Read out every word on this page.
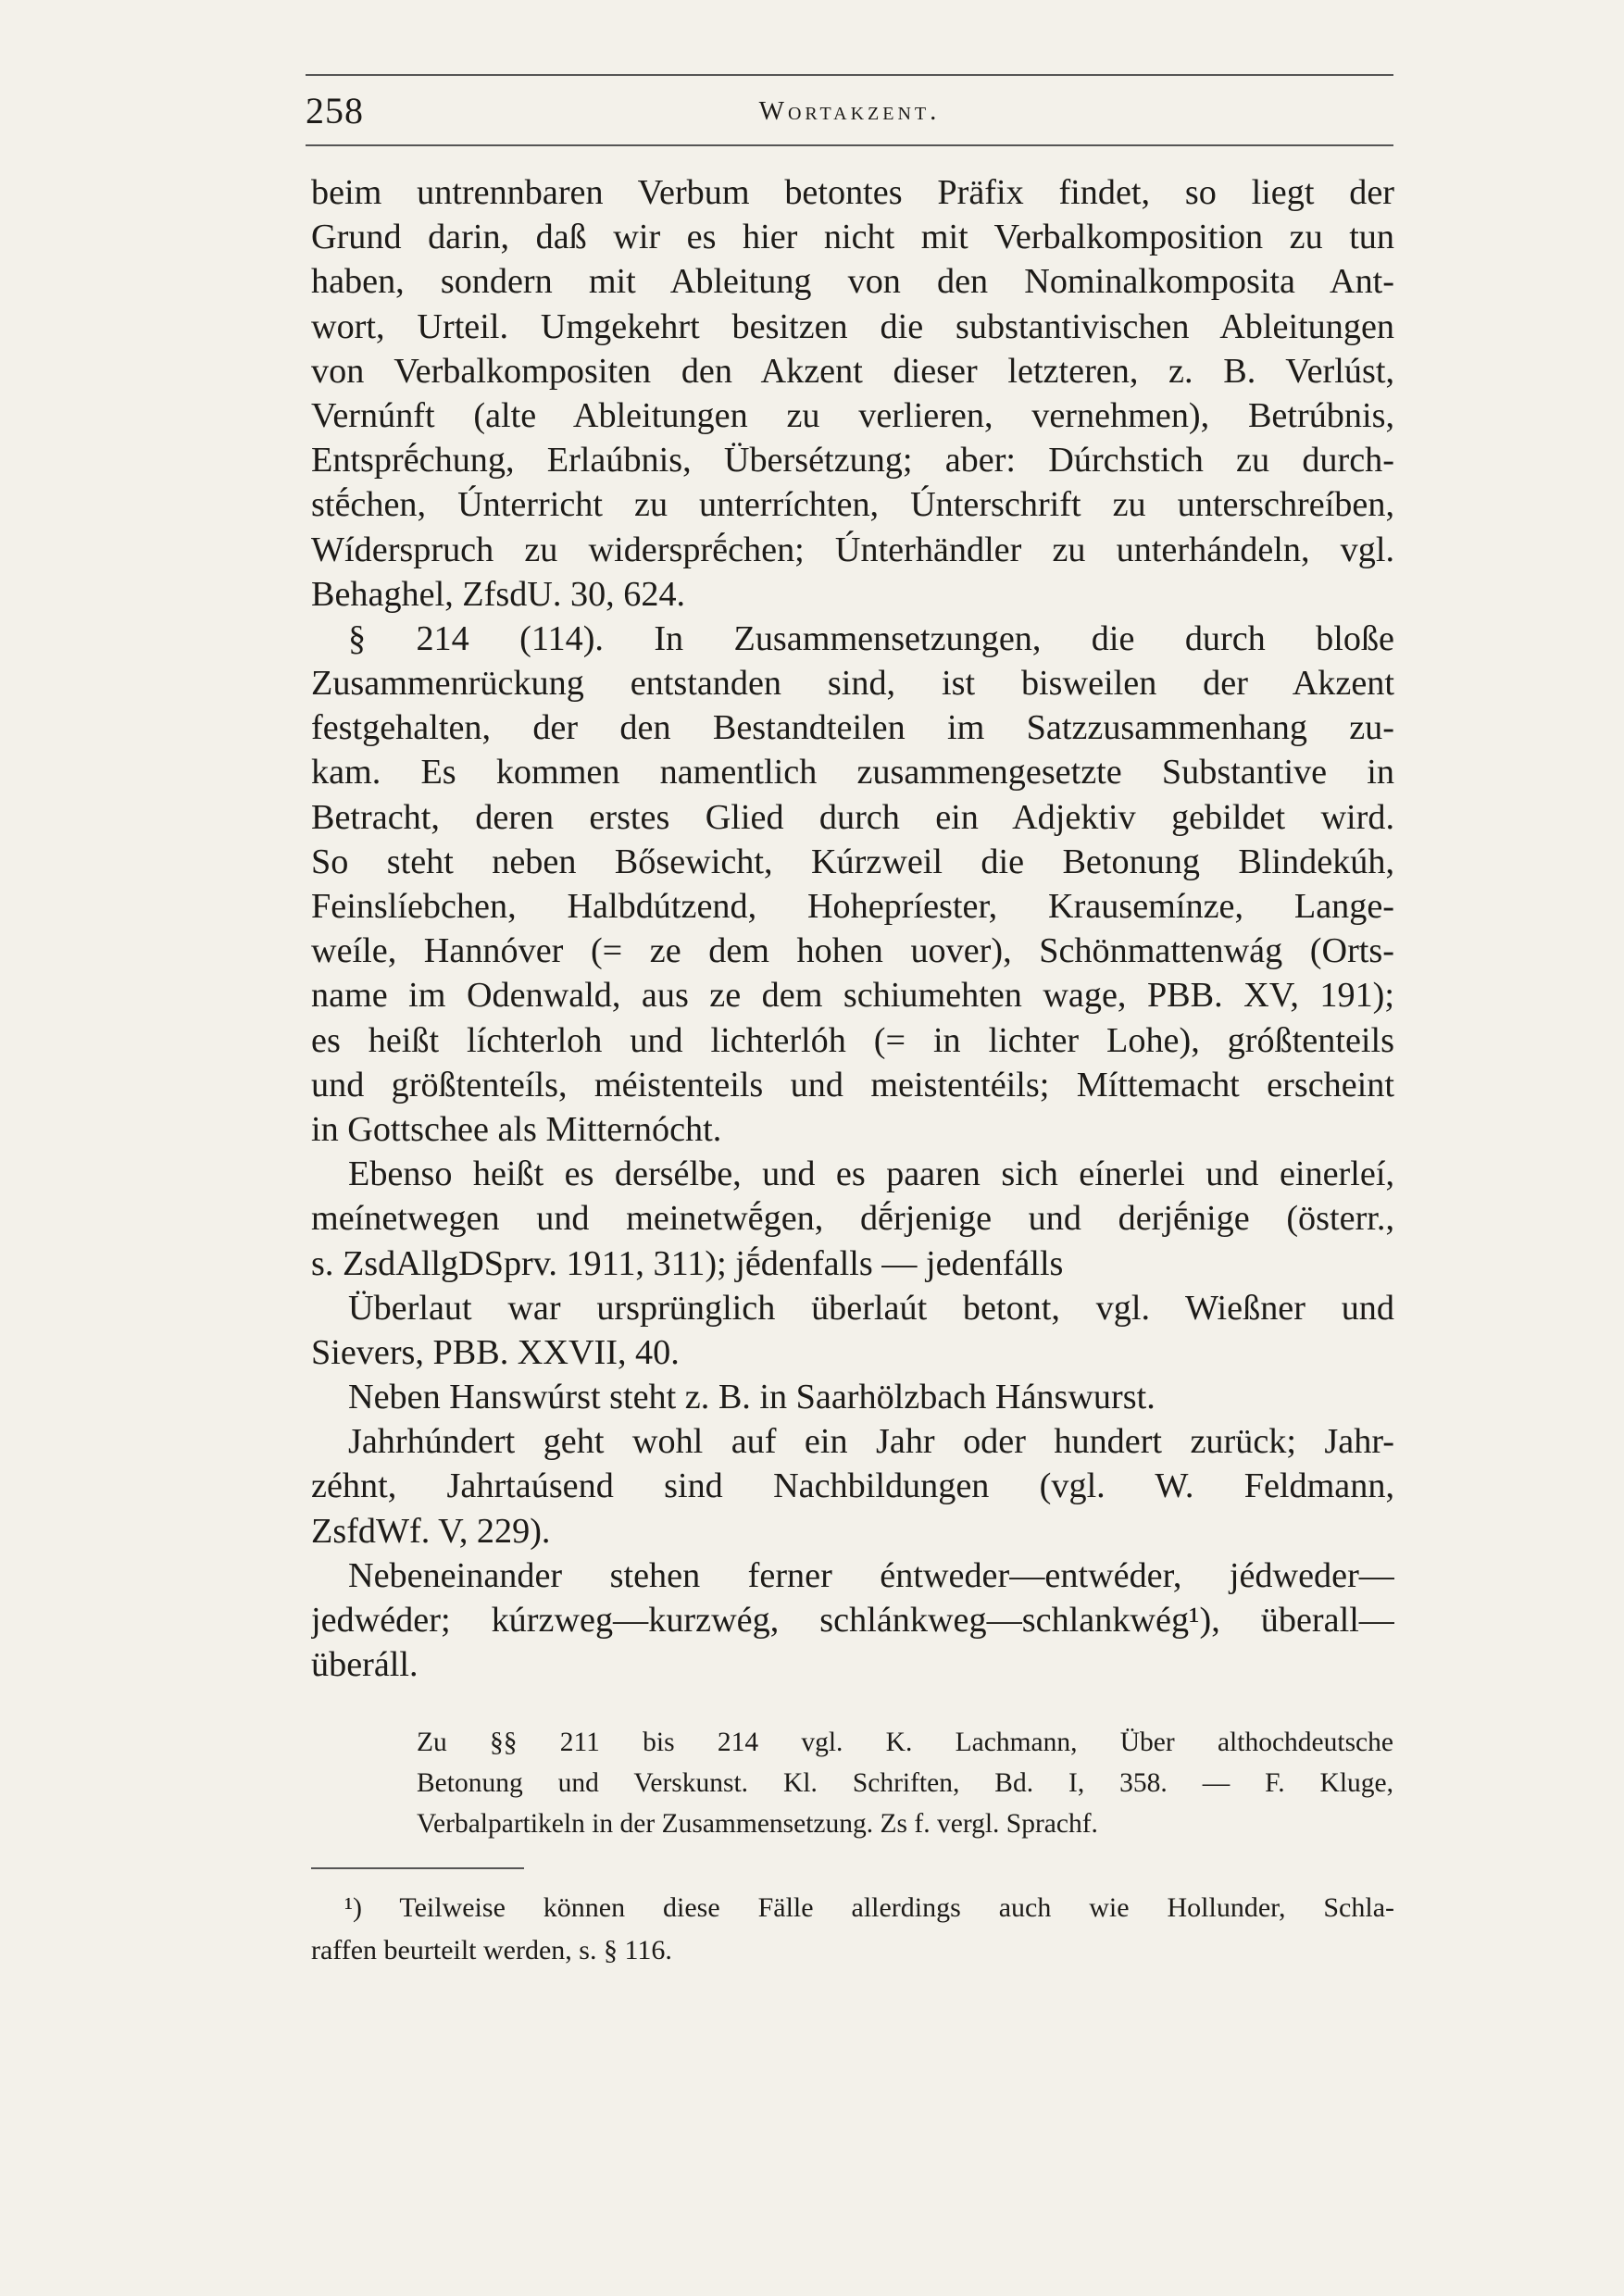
258	Wortakzent.
beim untrennbaren Verbum betontes Präfix findet, so liegt der
Grund darin, daß wir es hier nicht mit Verbalkomposition zu tun
haben, sondern mit Ableitung von den Nominalkomposita Ant-
wort, Urteil. Umgekehrt besitzen die substantivischen Ableitungen
von Verbalkompositen den Akzent dieser letzteren, z. B. Verlúst,
Vernúnft (alte Ableitungen zu verlieren, vernehmen), Betrúbnis,
Entsprḗchung, Erlaúbnis, Übersétzung; aber: Dúrchstich zu durch-
stḗchen, Únterricht zu unterríchten, Únterschrift zu unterschreíben,
Wíderspruch zu widersprḗchen; Únterhändler zu unterhándeln, vgl.
Behaghel, ZfsdU. 30, 624.
§ 214 (114). In Zusammensetzungen, die durch bloße
Zusammenrückung entstanden sind, ist bisweilen der Akzent
festgehalten, der den Bestandteilen im Satzzusammenhang zu-
kam. Es kommen namentlich zusammengesetzte Substantive in
Betracht, deren erstes Glied durch ein Adjektiv gebildet wird.
So steht neben Bősewicht, Kúrzweil die Betonung Blindekúh,
Feinslíebchen, Halbdútzend, Hohepríester, Krausemínze, Lange-
weíle, Hannóver (= ze dem hohen uover), Schönmattenwág (Orts-
name im Odenwald, aus ze dem schiumehten wage, PBB. XV, 191);
es heißt líchterloh und lichterlóh (= in lichter Lohe), gróßtenteils
und größtenteíls, méistenteils und meistentéils; Míttemacht erscheint
in Gottschee als Mitternócht.
Ebenso heißt es dersélbe, und es paaren sich eínerlei und einerleí,
meínetwegen und meinetwḗgen, dḗrjenige und derjḗnige (österr.,
s. ZsdAllgDSprv. 1911, 311); jḗdenfalls — jedenfálls
Überlaut war ursprünglich überlaút betont, vgl. Wießner und
Sievers, PBB. XXVII, 40.
Neben Hanswúrst steht z. B. in Saarhölzbach Hánswurst.
Jahrhúndert geht wohl auf ein Jahr oder hundert zurück; Jahr-
zéhnt, Jahrtaúsend sind Nachbildungen (vgl. W. Feldmann,
ZsfdWf. V, 229).
Nebeneinander stehen ferner éntweder—entwéder, jédweder—
jedwéder; kúrzweg—kurzwég, schlánkweg—schlankwég¹), überall—
überáll.
Zu §§ 211 bis 214 vgl. K. Lachmann, Über althochdeutsche
Betonung und Verskunst. Kl. Schriften, Bd. I, 358. — F. Kluge,
Verbalpartikeln in der Zusammensetzung. Zs f. vergl. Sprachf.
¹) Teilweise können diese Fälle allerdings auch wie Hollunder, Schla-
raffen beurteilt werden, s. § 116.
